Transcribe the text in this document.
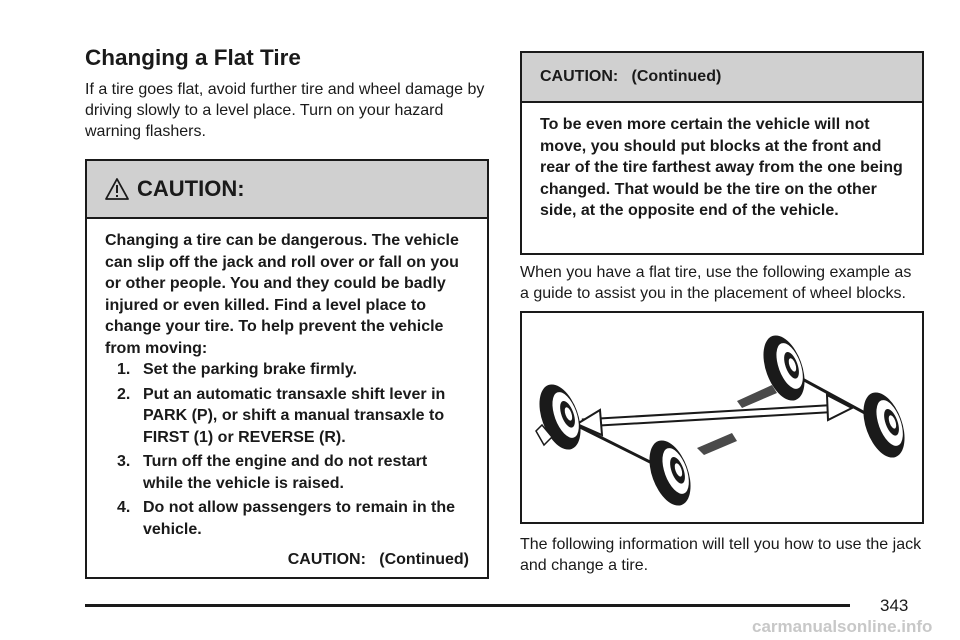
Changing a Flat Tire

If a tire goes flat, avoid further tire and wheel damage by driving slowly to a level place. Turn on your hazard warning flashers.

CAUTION:
Changing a tire can be dangerous. The vehicle can slip off the jack and roll over or fall on you or other people. You and they could be badly injured or even killed. Find a level place to change your tire. To help prevent the vehicle from moving:
1. Set the parking brake firmly.
2. Put an automatic transaxle shift lever in PARK (P), or shift a manual transaxle to FIRST (1) or REVERSE (R).
3. Turn off the engine and do not restart while the vehicle is raised.
4. Do not allow passengers to remain in the vehicle.
CAUTION:   (Continued)
CAUTION:   (Continued)
To be even more certain the vehicle will not move, you should put blocks at the front and rear of the tire farthest away from the one being changed. That would be the tire on the other side, at the opposite end of the vehicle.

When you have a flat tire, use the following example as a guide to assist you in the placement of wheel blocks.

The following information will tell you how to use the jack and change a tire.

343
carmanualsonline.info
